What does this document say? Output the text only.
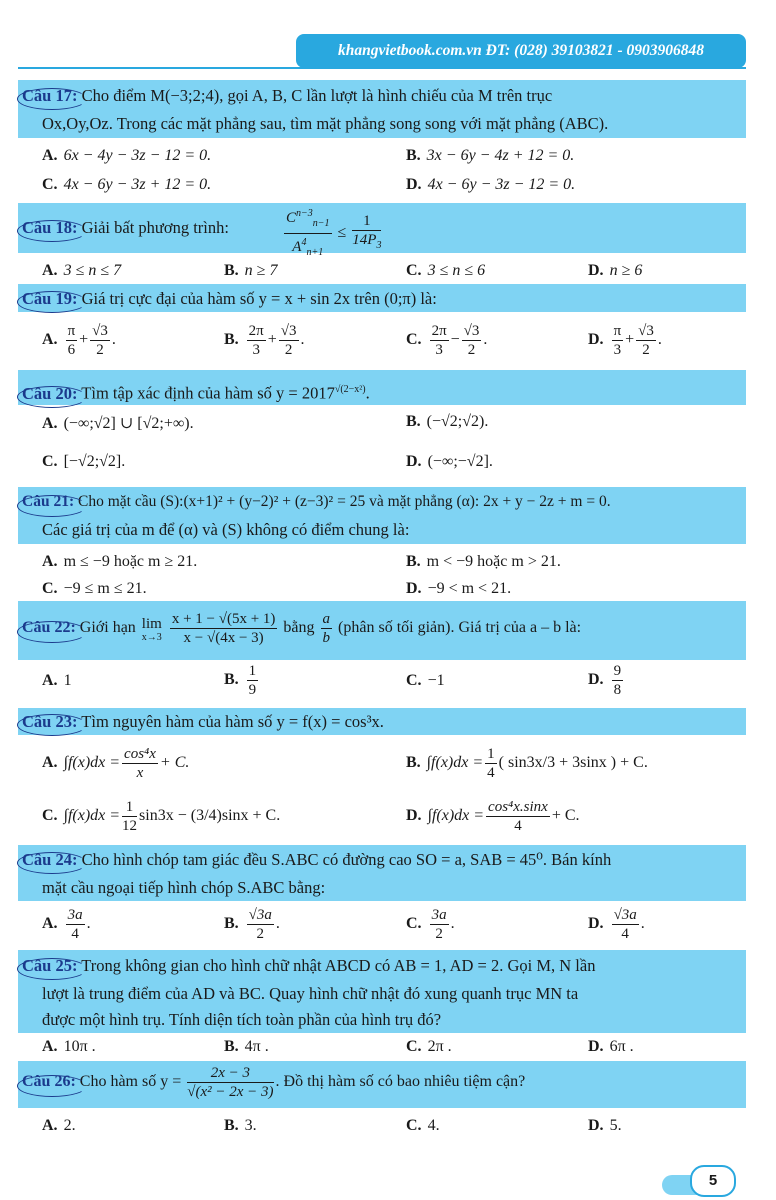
khangvietbook.com.vn ĐT: (028) 39103821 - 0903906848
Câu 17: Cho điểm M(−3;2;4), gọi A, B, C lần lượt là hình chiếu của M trên trục
Ox,Oy,Oz. Trong các mặt phẳng sau, tìm mặt phẳng song song với mặt phẳng (ABC).
A. 6x − 4y − 3z − 12 = 0.	B. 3x − 6y − 4z + 12 = 0.
C. 4x − 6y − 3z + 12 = 0.	D. 4x − 6y − 3z − 12 = 0.
Câu 18: Giải bất phương trình:	$\frac{C^{n-3}_{n-1}}{A^4_{n+1}} \le \frac{1}{14P_3}$
A. 3 ≤ n ≤ 7	B. n ≥ 7	C. 3 ≤ n ≤ 6	D. n ≥ 6
Câu 19: Giá trị cực đại của hàm số y = x + sin 2x trên (0;π) là:
A. $\frac{\pi}{6} + \frac{√3}{2}$ .	B. $\frac{2\pi}{3} + \frac{√3}{2}$ .	C. $\frac{2\pi}{3} - \frac{√3}{2}$ .	D. $\frac{\pi}{3} + \frac{√3}{2}$ .
Câu 20: Tìm tập xác định của hàm số $y = 2017^{√(2-x^2)}$.
A. (−∞;√2] ∪ [√2;+∞).	B. (−√2;√2).
C. [−√2;√2].	D. (−∞;−√2].
Câu 21: Cho mặt cầu (S):(x+1)² + (y−2)² + (z−3)² = 25 và mặt phẳng (α): 2x + y − 2z + m = 0.
Các giá trị của m để (α) và (S) không có điểm chung là:
A. m ≤ −9 hoặc m ≥ 21.	B. m < −9 hoặc m > 21.
C. −9 ≤ m ≤ 21.	D. −9 < m < 21.
Câu 22: Giới hạn lim
x→3
$\frac{x + 1 - √(5x + 1)}{x - √(4x - 3)}$ bằng $\frac{a}{b}$ (phân số tối giản). Giá trị của a – b là:
A. 1	B. $\frac{1}{9}$	C. −1	D. $\frac{9}{8}$
Câu 23: Tìm nguyên hàm của hàm số y = f(x) = cos³x.
A. $\int f(x)dx = \frac{\text{cos⁴x}}{x} + C$.	B. $\int f(x)dx = \frac{1}{4}$ ( sin3x/3 + 3sinx ) + C.
C. $\int f(x)dx = \frac{1}{12} \sin 3x - (3/4)\sin x + C$.	D. $\int f(x)dx = \frac{\text{cos⁴x.sinx}}{4} + C$.
Câu 24: Cho hình chóp tam giác đều S.ABC có đường cao SO = a, SAB = 45⁰. Bán kính
mặt cầu ngoại tiếp hình chóp S.ABC bằng:
A. $\frac{3a}{4}$ .	B. $\frac{√3a}{2}$ .	C. $\frac{3a}{2}$ .	D. $\frac{√3a}{4}$ .
Câu 25: Trong không gian cho hình chữ nhật ABCD có AB = 1, AD = 2. Gọi M, N lần
lượt là trung điểm của AD và BC. Quay hình chữ nhật đó xung quanh trục MN ta
được một hình trụ. Tính diện tích toàn phần của hình trụ đó?
A. 10π .	B. 4π .	C. 2π .	D. 6π .
Câu 26: Cho hàm số $y = \frac{2x - 3}{\text{√(x² − 2x − 3)}}$ . Đồ thị hàm số có bao nhiêu tiệm cận?
A. 2.	B. 3.	C. 4.	D. 5.
5
